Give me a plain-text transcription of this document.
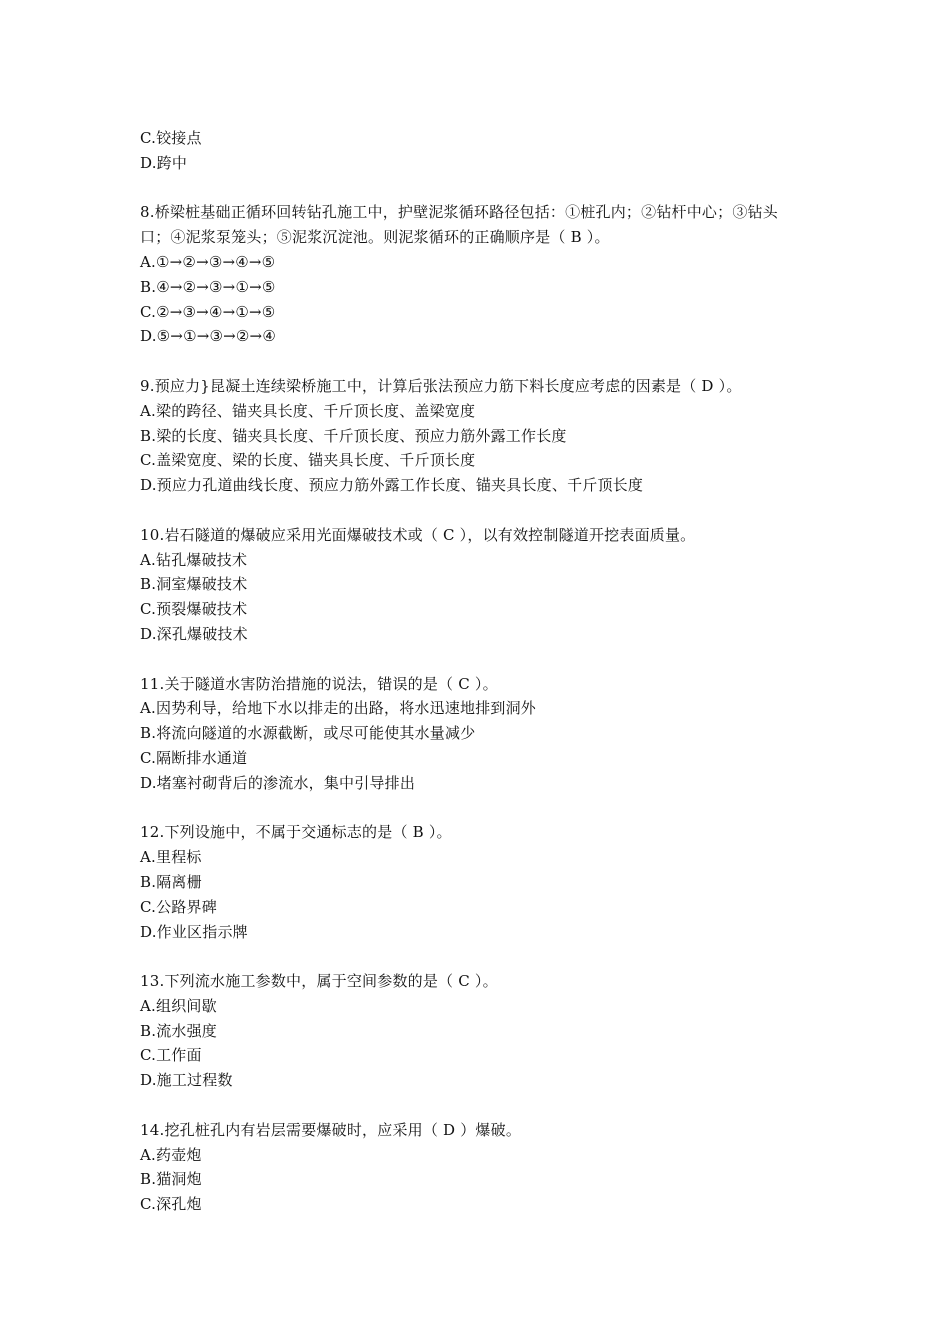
C.铰接点
D.跨中
8.桥梁桩基础正循环回转钻孔施工中，护壁泥浆循环路径包括：①桩孔内；②钻杆中心；③钻头
口；④泥浆泵笼头；⑤泥浆沉淀池。则泥浆循环的正确顺序是（ B ）。
A.①→②→③→④→⑤
B.④→②→③→①→⑤
C.②→③→④→①→⑤
D.⑤→①→③→②→④
9.预应力}昆凝土连续梁桥施工中，计算后张法预应力筋下料长度应考虑的因素是（ D ）。
A.梁的跨径、锚夹具长度、千斤顶长度、盖梁宽度
B.梁的长度、锚夹具长度、千斤顶长度、预应力筋外露工作长度
C.盖梁宽度、梁的长度、锚夹具长度、千斤顶长度
D.预应力孔道曲线长度、预应力筋外露工作长度、锚夹具长度、千斤顶长度
10.岩石隧道的爆破应采用光面爆破技术或（ C ），以有效控制隧道开挖表面质量。
A.钻孔爆破技术
B.洞室爆破技术
C.预裂爆破技术
D.深孔爆破技术
11.关于隧道水害防治措施的说法，错误的是（ C ）。
A.因势利导，给地下水以排走的出路，将水迅速地排到洞外
B.将流向隧道的水源截断，或尽可能使其水量减少
C.隔断排水通道
D.堵塞衬砌背后的渗流水，集中引导排出
12.下列设施中，不属于交通标志的是（ B ）。
A.里程标
B.隔离栅
C.公路界碑
D.作业区指示牌
13.下列流水施工参数中，属于空间参数的是（ C ）。
A.组织间歇
B.流水强度
C.工作面
D.施工过程数
14.挖孔桩孔内有岩层需要爆破时，应采用（ D ）爆破。
A.药壶炮
B.猫洞炮
C.深孔炮
